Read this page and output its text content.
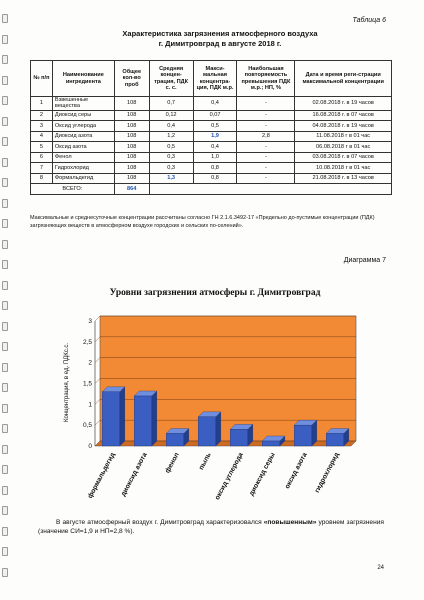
Таблица 6
Характеристика загрязнения атмосферного воздуха
г. Димитровград в августе 2018 г.
№ п/п	Наименование ингредиента	Общее кол-во проб	Средняя концен-трация, ПДК с. с.	Макси-мальная концентра-ция, ПДК м.р.	Наибольшая повторяемость превышения ПДК м.р.; НП, %	Дата и время реги-страции максимальной концентрации
1	Взвешенные вещества	108	0,7	0,4	-	02.08.2018 г. в 19 часов
2	Диоксид серы	108	0,12	0,07	-	16.08.2018 г. в 07 часов
3	Оксид углерода	108	0,4	0,5	-	04.08.2018 г. в 19 часов
4	Диоксид азота	108	1,2	1,9	2,8	11.08.2018 г в 01 час
5	Оксид азота	108	0,5	0,4	-	06.08.2018 г в 01 час
6	Фенол	108	0,3	1,0	-	03.08.2018 г. в 07 часов
7	Гидрохлорид	108	0,3	0,8	-	10.08.2018 г в 01 час
8	Формальдегид	108	1,3	0,8	-	21.08.2018 г. в 13 часов
ВСЕГО:		864				
Максимальные и среднесуточные концентрации рассчитаны согласно ГН 2.1.6.3492-17 «Предельно до-пустимые концентрации (ПДК) загрязняющих веществ в атмосферном воздухе городских и сельских по-селений».
Диаграмма 7
Уровни загрязнения атмосферы г. Димитровград
0
0,5
1
1,5
2
2,5
3
Концентрация, в ед. ПДКс.с.
формальдегид диоксид азота фенол	пыль оксид углерода диоксид серы оксид азота гидрохлорид
В августе атмосферный воздух г. Димитровград характеризовался «повышенным» уровнем загрязнения (значение СИ=1,9 и НП=2,8 %).
24
